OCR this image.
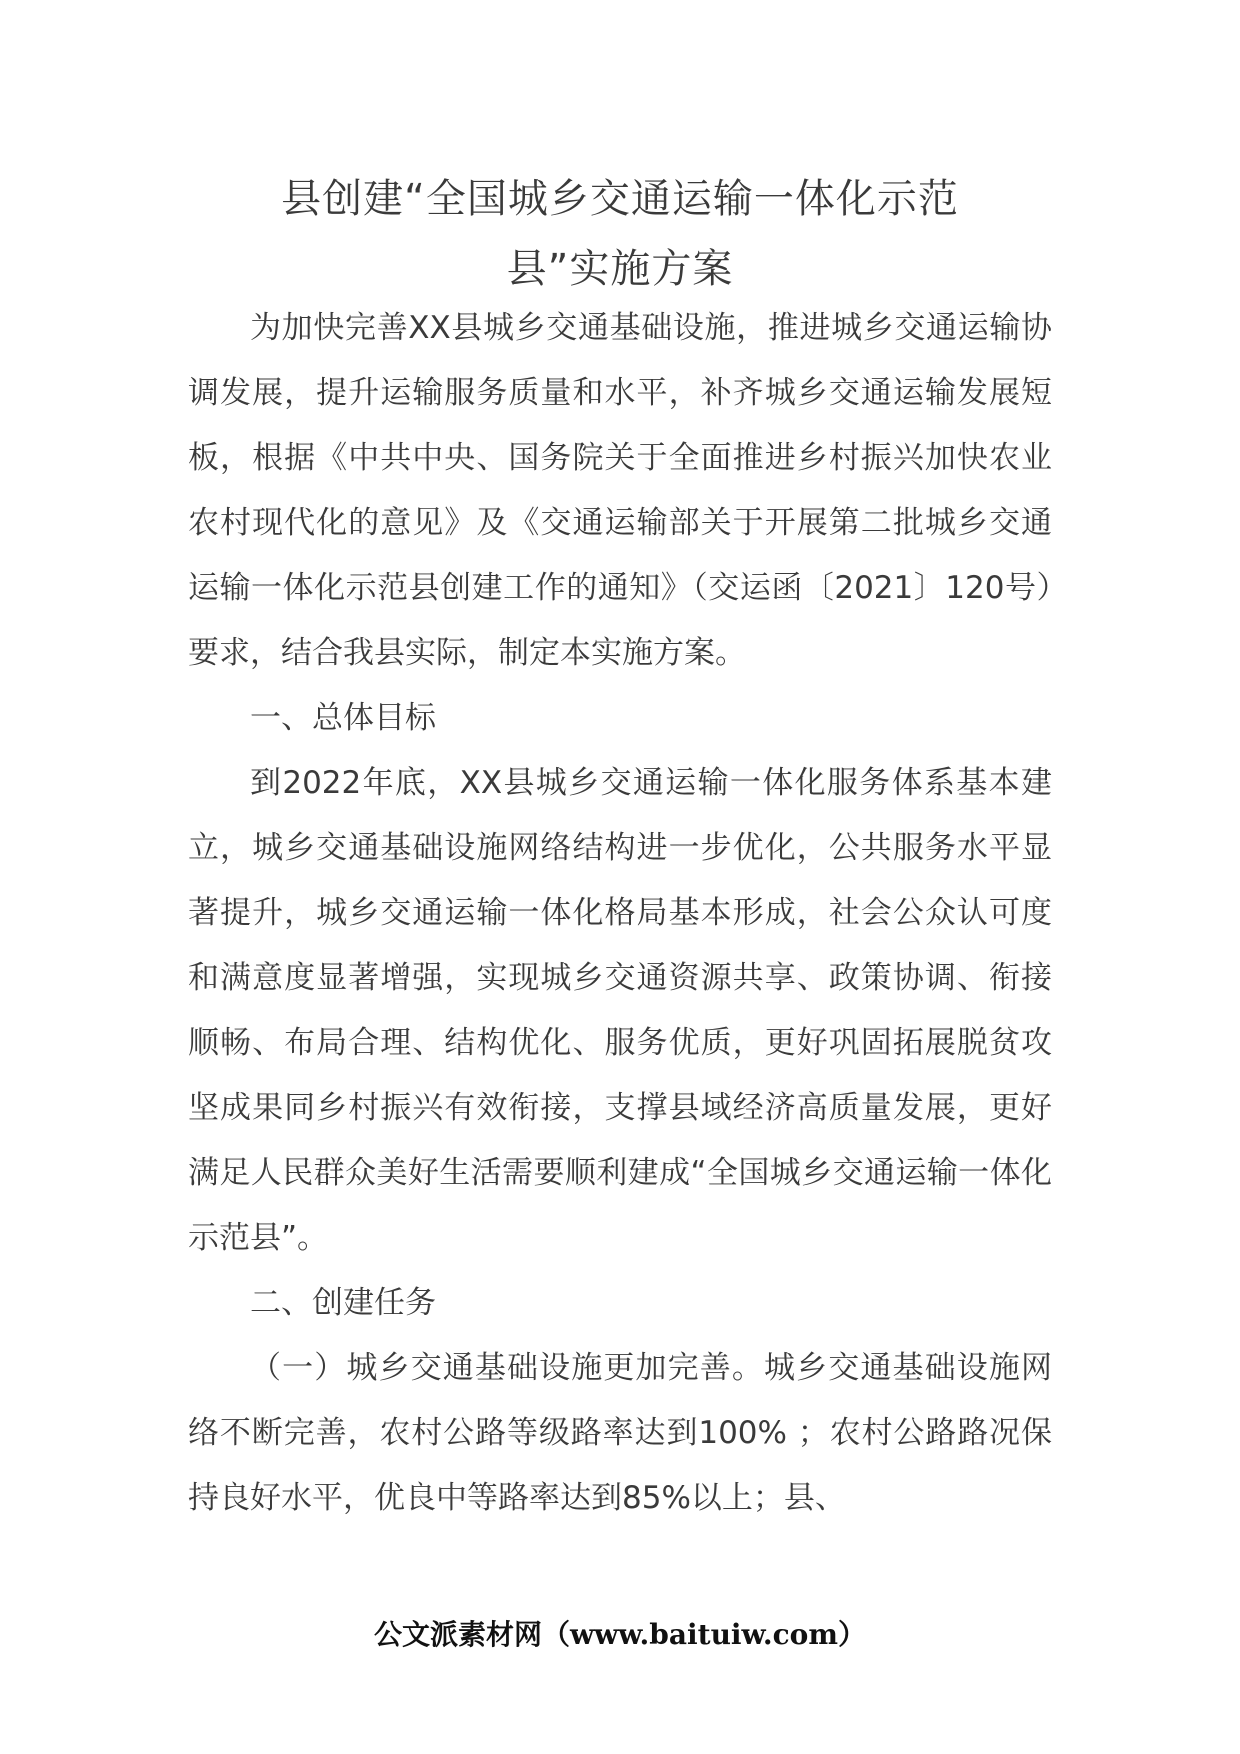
县创建“全国城乡交通运输一体化示范
县”实施方案

为加快完善XX县城乡交通基础设施，推进城乡交通运输协调发展，提升运输服务质量和水平，补齐城乡交通运输发展短板，根据《中共中央、国务院关于全面推进乡村振兴加快农业农村现代化的意见》及《交通运输部关于开展第二批城乡交通运输一体化示范县创建工作的通知》（交运函〔2021〕120号）要求，结合我县实际，制定本实施方案。

一、总体目标

到2022年底，XX县城乡交通运输一体化服务体系基本建立，城乡交通基础设施网络结构进一步优化，公共服务水平显著提升，城乡交通运输一体化格局基本形成，社会公众认可度和满意度显著增强，实现城乡交通资源共享、政策协调、衔接顺畅、布局合理、结构优化、服务优质，更好巩固拓展脱贫攻坚成果同乡村振兴有效衔接，支撑县域经济高质量发展，更好满足人民群众美好生活需要顺利建成“全国城乡交通运输一体化示范县”。

二、创建任务

（一）城乡交通基础设施更加完善。城乡交通基础设施网络不断完善，农村公路等级路率达到100% ；农村公路路况保持良好水平，优良中等路率达到85%以上；县、

公文派素材网（www.baituiw.com）
